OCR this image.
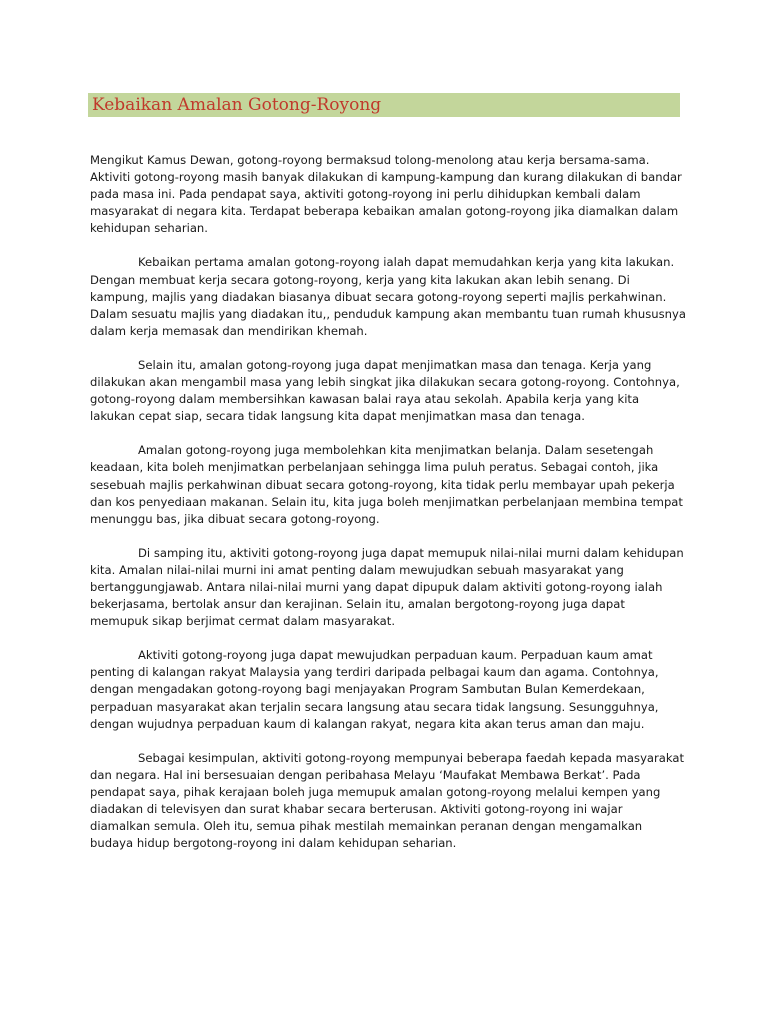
Kebaikan Amalan Gotong-Royong

Mengikut Kamus Dewan, gotong-royong bermaksud tolong-menolong atau kerja bersama-sama. Aktiviti gotong-royong masih banyak dilakukan di kampung-kampung dan kurang dilakukan di bandar pada masa ini. Pada pendapat saya, aktiviti gotong-royong ini perlu dihidupkan kembali dalam masyarakat di negara kita. Terdapat beberapa kebaikan amalan gotong-royong jika diamalkan dalam kehidupan seharian.

Kebaikan pertama amalan gotong-royong ialah dapat memudahkan kerja yang kita lakukan. Dengan membuat kerja secara gotong-royong, kerja yang kita lakukan akan lebih senang. Di kampung, majlis yang diadakan biasanya dibuat secara gotong-royong seperti majlis perkahwinan. Dalam sesuatu majlis yang diadakan itu,, penduduk kampung akan membantu tuan rumah khususnya dalam kerja memasak dan mendirikan khemah.

Selain itu, amalan gotong-royong juga dapat menjimatkan masa dan tenaga. Kerja yang dilakukan akan mengambil masa yang lebih singkat jika dilakukan secara gotong-royong. Contohnya, gotong-royong dalam membersihkan kawasan balai raya atau sekolah. Apabila kerja yang kita lakukan cepat siap, secara tidak langsung kita dapat menjimatkan masa dan tenaga.

Amalan gotong-royong juga membolehkan kita menjimatkan belanja. Dalam sesetengah keadaan, kita boleh menjimatkan perbelanjaan sehingga lima puluh peratus. Sebagai contoh, jika sesebuah majlis perkahwinan dibuat secara gotong-royong, kita tidak perlu membayar upah pekerja dan kos penyediaan makanan. Selain itu, kita juga boleh menjimatkan perbelanjaan membina tempat menunggu bas, jika dibuat secara gotong-royong.

Di samping itu, aktiviti gotong-royong juga dapat memupuk nilai-nilai murni dalam kehidupan kita. Amalan nilai-nilai murni ini amat penting dalam mewujudkan sebuah masyarakat yang bertanggungjawab. Antara nilai-nilai murni yang dapat dipupuk dalam aktiviti gotong-royong ialah bekerjasama, bertolak ansur dan kerajinan. Selain itu, amalan bergotong-royong juga dapat memupuk sikap berjimat cermat dalam masyarakat.

Aktiviti gotong-royong juga dapat mewujudkan perpaduan kaum. Perpaduan kaum amat penting di kalangan rakyat Malaysia yang terdiri daripada pelbagai kaum dan agama. Contohnya, dengan mengadakan gotong-royong bagi menjayakan Program Sambutan Bulan Kemerdekaan, perpaduan masyarakat akan terjalin secara langsung atau secara tidak langsung. Sesungguhnya, dengan wujudnya perpaduan kaum di kalangan rakyat, negara kita akan terus aman dan maju.

Sebagai kesimpulan, aktiviti gotong-royong mempunyai beberapa faedah kepada masyarakat dan negara. Hal ini bersesuaian dengan peribahasa Melayu ‘Maufakat Membawa Berkat’. Pada pendapat saya, pihak kerajaan boleh juga memupuk amalan gotong-royong melalui kempen yang diadakan di televisyen dan surat khabar secara berterusan. Aktiviti gotong-royong ini wajar diamalkan semula. Oleh itu, semua pihak mestilah memainkan peranan dengan mengamalkan budaya hidup bergotong-royong ini dalam kehidupan seharian.
